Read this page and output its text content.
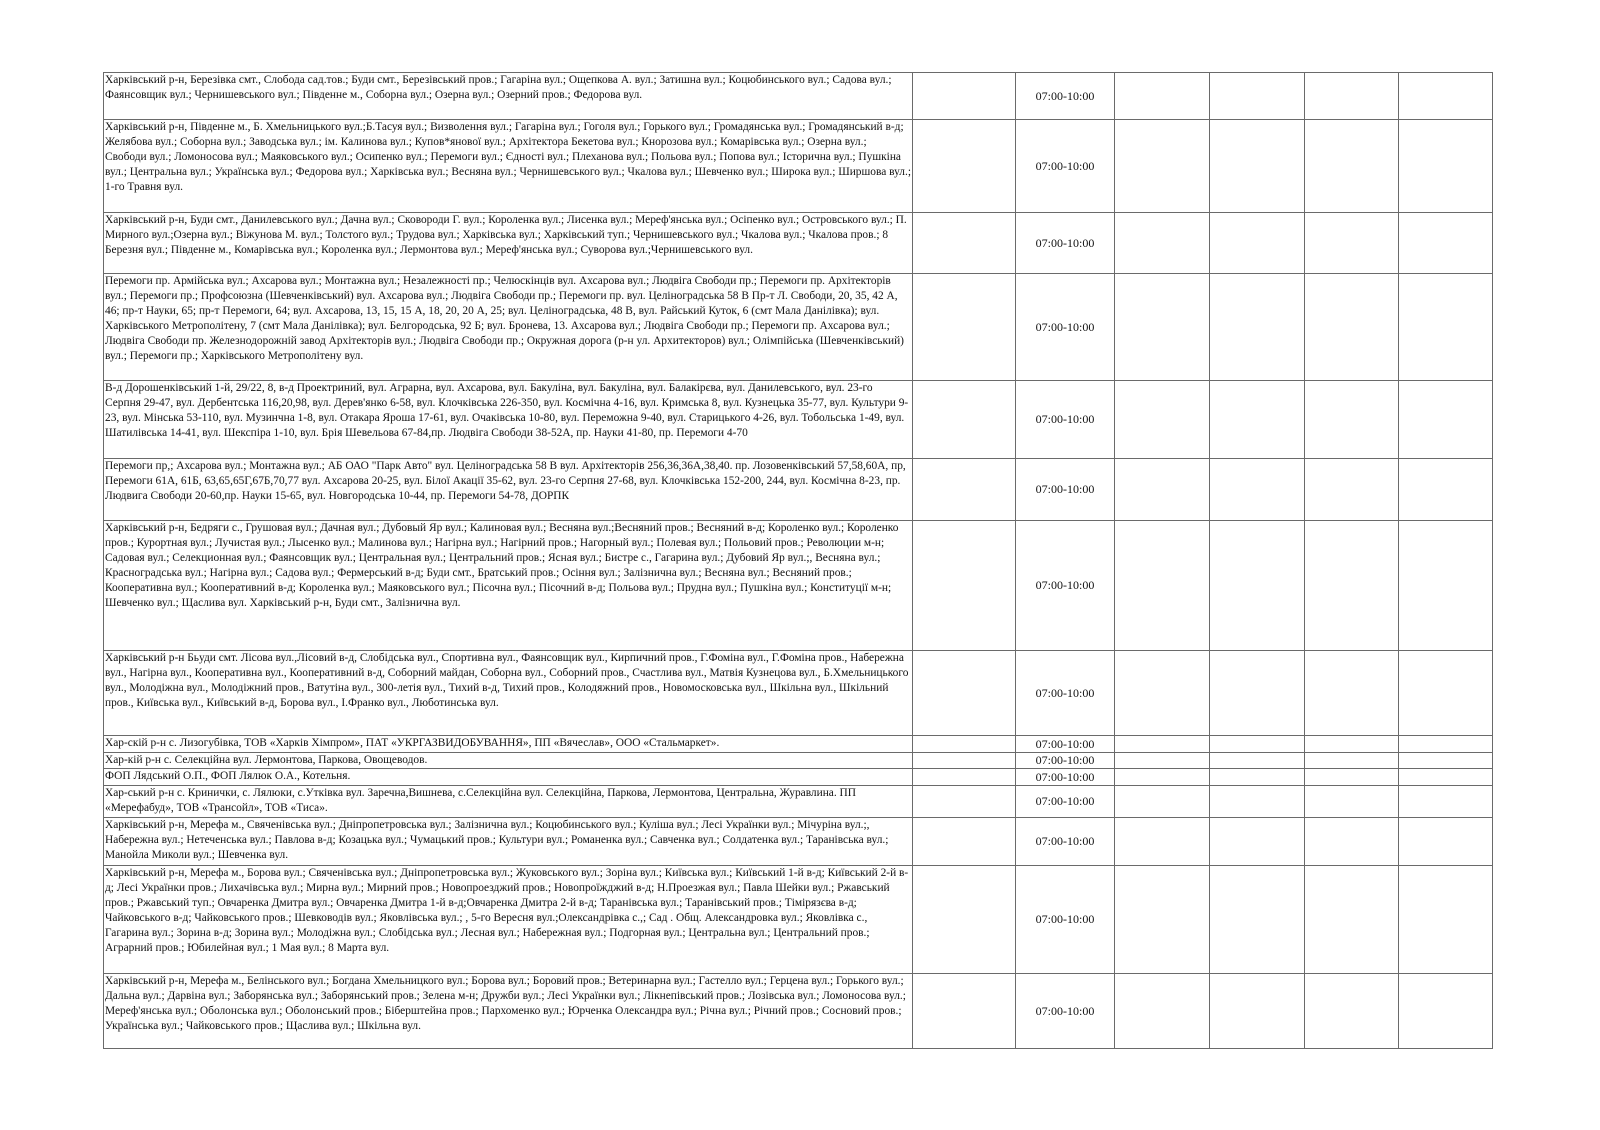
Харківський р-н, Березівка смт., Слобода сад.тов.; Буди смт., Березівський пров.; Гагаріна вул.; Ощепкова А. вул.; Затишна вул.; Коцюбинського вул.; Садова вул.; Фаянсовщик вул.; Чернишевського вул.; Південне м., Соборна вул.; Озерна вул.; Озерний пров.; Федорова вул.		07:00-10:00				
Харківський р-н, Південне м., Б. Хмельницького вул.;Б.Тасуя вул.; Визволення вул.; Гагаріна вул.; Гоголя вул.; Горького вул.; Громадянська вул.; Громадянський в-д; Желябова вул.; Соборна вул.; Заводська вул.; ім. Калинова вул.; Купов*янової вул.; Архітектора Бекетова вул.; Кнорозова вул.; Комарівська вул.; Озерна вул.; Свободи вул.; Ломоносова вул.; Маяковського вул.; Осипенко вул.; Перемоги вул.; Єдності вул.; Плеханова вул.; Польова вул.; Попова вул.; Історична вул.; Пушкіна вул.; Центральна вул.; Українська вул.; Федорова вул.; Харківська вул.; Весняна вул.; Чернишевського вул.; Чкалова вул.; Шевченко вул.; Широка вул.; Ширшова вул.; 1-го Травня вул.		07:00-10:00				
Харківський р-н, Буди смт., Данилевського вул.; Дачна вул.; Сковороди Г. вул.; Короленка вул.; Лисенка вул.; Мереф'янська вул.; Осіпенко вул.; Островського вул.; П. Мирного вул.;Озерна вул.; Віжунова М. вул.; Толстого вул.; Трудова вул.; Харківська вул.; Харківський туп.; Чернишевського вул.; Чкалова вул.; Чкалова пров.; 8 Березня вул.; Південне м., Комарівська вул.; Короленка вул.; Лермонтова вул.; Мереф'янська вул.; Суворова вул.;Чернишевського вул.		07:00-10:00				
Перемоги пр. Армійська вул.; Ахсарова вул.; Монтажна вул.; Незалежності пр.; Челюскінців вул. Ахсарова вул.; Людвіга Свободи пр.; Перемоги пр. Архітекторів вул.; Перемоги пр.; Профсоюзна (Шевченківський) вул. Ахсарова вул.; Людвіга Свободи пр.; Перемоги пр. вул. Целіноградська 58 В Пр-т Л. Свободи, 20, 35, 42 А, 46; пр-т Науки, 65; пр-т Перемоги, 64; вул. Ахсарова, 13, 15, 15 А, 18, 20, 20 А, 25; вул. Целіноградська, 48 В, вул. Райський Куток, 6 (смт Мала Данілівка); вул. Харківського Метрополітену, 7 (смт Мала Данілівка); вул. Белгородська, 92 Б; вул. Бронева, 13. Ахсарова вул.; Людвіга Свободи пр.; Перемоги пр. Ахсарова вул.; Людвіга Свободи пр. Железнодорожній завод Архітекторів вул.; Людвіга Свободи пр.; Окружная дорога (р-н ул. Архитекторов) вул.; Олімпійська (Шевченківський) вул.; Перемоги пр.; Харківського Метрополітену вул.		07:00-10:00				
В-д Дорошенківський 1-й, 29/22, 8, в-д Проектриний, вул. Аграрна, вул. Ахсарова, вул. Бакуліна, вул. Бакуліна, вул. Балакірєва, вул. Данилевського, вул. 23-го Серпня 29-47, вул. Дербентська 116,20,98, вул. Дерев'янко 6-58, вул. Клочківська 226-350, вул. Космічна 4-16, вул. Кримська 8, вул. Кузнецька 35-77, вул. Культури 9-23, вул. Мінська 53-110, вул. Музинчна 1-8, вул. Отакара Яроша 17-61, вул. Очаківська 10-80, вул. Переможна 9-40, вул. Старицького 4-26, вул. Тобольська 1-49, вул. Шатилівська 14-41, вул. Шекспіра 1-10, вул. Брія Шевельова 67-84,пр. Людвіга Свободи 38-52А, пр. Науки 41-80, пр. Перемоги 4-70		07:00-10:00				
Перемоги пр,; Ахсарова вул.; Монтажна вул.; АБ ОАО "Парк Авто" вул. Целіноградська 58 В вул. Архітекторів 256,36,36А,38,40. пр. Лозовенківський 57,58,60А, пр, Перемоги 61А, 61Б, 63,65,65Г,67Б,70,77 вул. Ахсарова 20-25, вул. Білої Акації 35-62, вул. 23-го Серпня 27-68, вул. Клочківська 152-200, 244, вул. Космічна 8-23, пр. Людвига Свободи 20-60,пр. Науки 15-65, вул. Новгородська 10-44, пр. Перемоги 54-78, ДОРПК		07:00-10:00				
Харківський р-н, Бедряги с., Грушовая вул.; Дачная вул.; Дубовый Яр вул.; Калиновая вул.; Весняна вул.;Весняний пров.; Весняний в-д; Короленко вул.; Короленко пров.; Курортная вул.; Лучистая вул.; Лысенко вул.; Малинова вул.; Нагірна вул.; Нагірний пров.; Нагорный вул.; Полевая вул.; Польовий пров.; Революции м-н; Садовая вул.; Селекционная вул.; Фаянсовщик вул.; Центральная вул.; Центральний пров.; Ясная вул.; Бистре с., Гагарина вул.; Дубовий Яр вул.;, Весняна вул.; Красноградська вул.; Нагірна вул.; Садова вул.; Фермерський в-д; Буди смт., Братський пров.; Осіння вул.; Залізнична вул.; Весняна вул.; Весняний пров.; Кооперативна вул.; Кооперативний в-д; Короленка вул.; Маяковського вул.; Пісочна вул.; Пісочний в-д; Польова вул.; Прудна вул.; Пушкіна вул.; Конституції м-н; Шевченко вул.; Щаслива вул. Харківський р-н, Буди смт., Залізнична вул.		07:00-10:00				
Харківський р-н Бьуди смт. Лісова вул.,Лісовий в-д, Слобідська вул., Спортивна вул., Фаянсовщик вул., Кирпичний пров., Г.Фоміна вул., Г.Фоміна пров., Набережна вул., Нагірна вул., Кооперативна вул., Кооперативний в-д, Соборний майдан, Соборна вул., Соборний пров., Счастлива вул., Матвія Кузнецова вул., Б.Хмельницького вул., Молодіжна вул., Молодіжний пров., Ватутіна вул., 300-летія вул., Тихий в-д, Тихий пров., Колодяжний пров., Новомосковська вул., Шкільна вул., Шкільний пров., Київська вул., Київський в-д, Борова вул., І.Франко вул., Люботинська вул.		07:00-10:00				
Хар-скій р-н с. Лизогубівка, ТОВ «Харків Хімпром», ПАТ «УКРГАЗВИДОБУВАННЯ», ПП «Вячеслав», ООО «Стальмаркет».		07:00-10:00				
Хар-кій р-н с. Селекційна вул. Лермонтова, Паркова, Овощеводов.		07:00-10:00				
ФОП Лядський О.П., ФОП Лялюк О.А., Котельня.		07:00-10:00				
Хар-ський р-н с. Кринички, с. Лялюки, с.Утківка вул. Заречна,Вишнева, с.Селекційна вул. Селекційна, Паркова, Лермонтова, Центральна, Журавлина. ПП «Мерефабуд», ТОВ «Трансойл», ТОВ «Тиса».		07:00-10:00				
Харківський р-н, Мерефа м., Свяченівська вул.; Дніпропетровська вул.; Залізнична вул.; Коцюбинського вул.; Куліша вул.; Лесі Українки вул.; Мічуріна вул.;, Набережна вул.; Нетеченська вул.; Павлова в-д; Козацька вул.; Чумацький пров.; Культури вул.; Романенка вул.; Савченка вул.; Солдатенка вул.; Таранівська вул.; Манойла Миколи вул.; Шевченка вул.		07:00-10:00				
Харківський р-н, Мерефа м., Борова вул.; Свяченівська вул.; Дніпропетровська вул.; Жуковського вул.; Зоріна вул.; Київська вул.; Київський 1-й в-д; Київський 2-й в-д; Лесі Українки пров.; Лихачівська вул.; Мирна вул.; Мирний пров.; Новопроезджий пров.; Новопроїжджий в-д; Н.Проезжая вул.; Павла Шейки вул.; Ржавський пров.; Ржавський туп.; Овчаренка Дмитра вул.; Овчаренка Дмитра 1-й в-д;Овчаренка Дмитра 2-й в-д; Таранівська вул.; Таранівський пров.; Тімірязєва в-д; Чайковського в-д; Чайковського пров.; Шевководів вул.; Яковлівська вул.; , 5-го Вересня вул.;Олександрівка с.,; Сад . Общ. Александровка вул.; Яковлівка с., Гагарина вул.; Зорина в-д; Зорина вул.; Молодіжна вул.; Слобідська вул.; Лесная вул.; Набережная вул.; Подгорная вул.; Центральна вул.; Центральний пров.; Аграрний пров.; Юбилейная вул.; 1 Мая вул.; 8 Марта вул.		07:00-10:00				
Харківський р-н, Мерефа м., Белінського вул.; Богдана Хмельницкого вул.; Борова вул.; Боровий пров.; Ветеринарна вул.; Гастелло вул.; Герцена вул.; Горького вул.; Дальна вул.; Дарвіна вул.; Заборянська вул.; Заборянський пров.; Зелена м-н; Дружби вул.; Лесі Українки вул.; Лікнепівський пров.; Лозівська вул.; Ломоносова вул.; Мереф'янська вул.; Оболонська вул.; Оболонський пров.; Біберштейна пров.; Пархоменко вул.; Юрченка Олександра вул.; Річна вул.; Річний пров.; Сосновий пров.; Українська вул.; Чайковського пров.; Щаслива вул.; Шкільна вул.		07:00-10:00				
